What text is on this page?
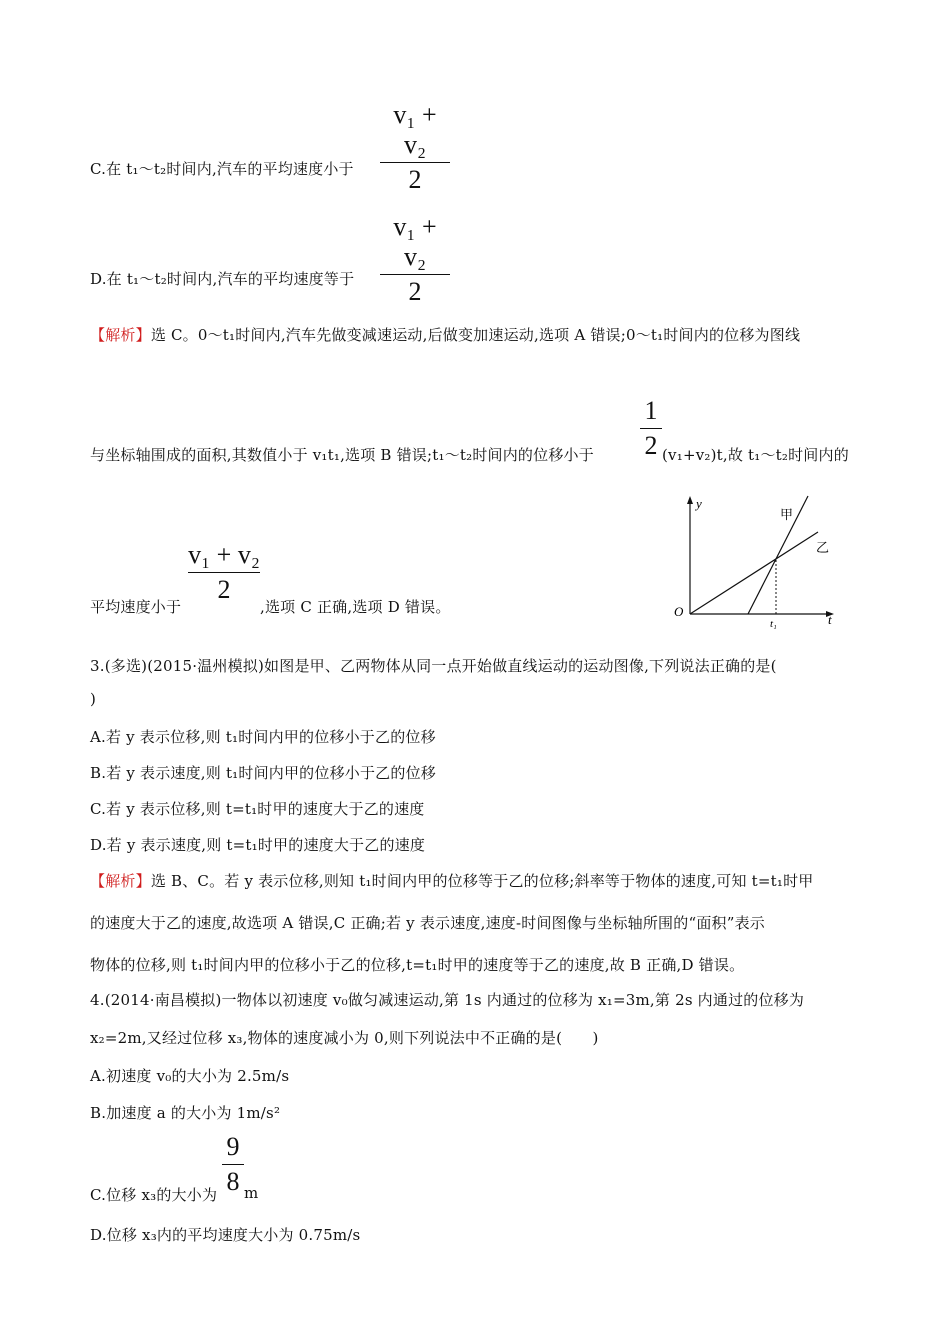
v₁ + v₂
2
C.在 t₁～t₂时间内,汽车的平均速度小于
v₁ + v₂
2
D.在 t₁～t₂时间内,汽车的平均速度等于
【解析】选 C。0～t₁时间内,汽车先做变减速运动,后做变加速运动,选项 A 错误;0～t₁时间内的位移为图线
1
2
与坐标轴围成的面积,其数值小于 v₁t₁,选项 B 错误;t₁～t₂时间内的位移小于	(v₁+v₂)t,故 t₁～t₂时间内的
v₁ + v₂
2
平均速度小于	,选项 C 正确,选项 D 错误。
y
t
O
t₁
甲
乙
3.(多选)(2015·温州模拟)如图是甲、乙两物体从同一点开始做直线运动的运动图像,下列说法正确的是(
)
A.若 y 表示位移,则 t₁时间内甲的位移小于乙的位移
B.若 y 表示速度,则 t₁时间内甲的位移小于乙的位移
C.若 y 表示位移,则 t=t₁时甲的速度大于乙的速度
D.若 y 表示速度,则 t=t₁时甲的速度大于乙的速度
【解析】选 B、C。若 y 表示位移,则知 t₁时间内甲的位移等于乙的位移;斜率等于物体的速度,可知 t=t₁时甲
的速度大于乙的速度,故选项 A 错误,C 正确;若 y 表示速度,速度-时间图像与坐标轴所围的“面积”表示
物体的位移,则 t₁时间内甲的位移小于乙的位移,t=t₁时甲的速度等于乙的速度,故 B 正确,D 错误。
4.(2014·南昌模拟)一物体以初速度 v₀做匀减速运动,第 1s 内通过的位移为 x₁=3m,第 2s 内通过的位移为
x₂=2m,又经过位移 x₃,物体的速度减小为 0,则下列说法中不正确的是(　　)
A.初速度 v₀的大小为 2.5m/s
B.加速度 a 的大小为 1m/s²
9
8
C.位移 x₃的大小为 m
D.位移 x₃内的平均速度大小为 0.75m/s
